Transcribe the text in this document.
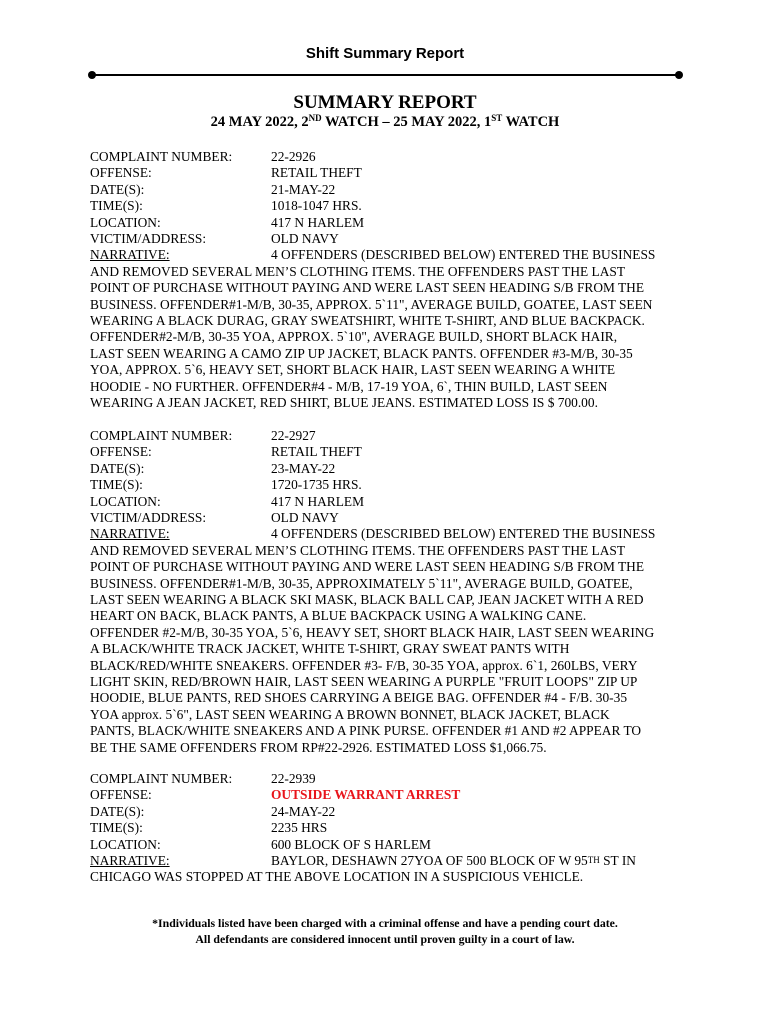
Shift Summary Report
SUMMARY REPORT
24 MAY 2022, 2ND WATCH – 25 MAY 2022, 1ST WATCH
COMPLAINT NUMBER:	22-2926
OFFENSE:	RETAIL THEFT
DATE(S):	21-MAY-22
TIME(S):	1018-1047 HRS.
LOCATION:	417 N HARLEM
VICTIM/ADDRESS:	OLD NAVY
NARRATIVE:	4 OFFENDERS (DESCRIBED BELOW) ENTERED THE BUSINESS
AND REMOVED SEVERAL MEN’S CLOTHING ITEMS. THE OFFENDERS PAST THE LAST
POINT OF PURCHASE WITHOUT PAYING AND WERE LAST SEEN HEADING S/B FROM THE
BUSINESS. OFFENDER#1-M/B, 30-35, APPROX. 5`11", AVERAGE BUILD, GOATEE, LAST SEEN
WEARING A BLACK DURAG, GRAY SWEATSHIRT, WHITE T-SHIRT, AND BLUE BACKPACK.
OFFENDER#2-M/B, 30-35 YOA, APPROX. 5`10", AVERAGE BUILD, SHORT BLACK HAIR,
LAST SEEN WEARING A CAMO ZIP UP JACKET, BLACK PANTS. OFFENDER #3-M/B, 30-35
YOA, APPROX. 5`6, HEAVY SET, SHORT BLACK HAIR, LAST SEEN WEARING A WHITE
HOODIE - NO FURTHER. OFFENDER#4 - M/B, 17-19 YOA, 6`, THIN BUILD, LAST SEEN
WEARING A JEAN JACKET, RED SHIRT, BLUE JEANS. ESTIMATED LOSS IS $ 700.00.
COMPLAINT NUMBER:	22-2927
OFFENSE:	RETAIL THEFT
DATE(S):	23-MAY-22
TIME(S):	1720-1735 HRS.
LOCATION:	417 N HARLEM
VICTIM/ADDRESS:	OLD NAVY
NARRATIVE:	4 OFFENDERS (DESCRIBED BELOW) ENTERED THE BUSINESS
AND REMOVED SEVERAL MEN’S CLOTHING ITEMS. THE OFFENDERS PAST THE LAST
POINT OF PURCHASE WITHOUT PAYING AND WERE LAST SEEN HEADING S/B FROM THE
BUSINESS. OFFENDER#1-M/B, 30-35, APPROXIMATELY 5`11", AVERAGE BUILD, GOATEE,
LAST SEEN WEARING A BLACK SKI MASK, BLACK BALL CAP, JEAN JACKET WITH A RED
HEART ON BACK, BLACK PANTS, A BLUE BACKPACK USING A WALKING CANE.
OFFENDER #2-M/B, 30-35 YOA, 5`6, HEAVY SET, SHORT BLACK HAIR, LAST SEEN WEARING
A BLACK/WHITE TRACK JACKET, WHITE T-SHIRT, GRAY SWEAT PANTS WITH
BLACK/RED/WHITE SNEAKERS. OFFENDER #3- F/B, 30-35 YOA, approx. 6`1, 260LBS, VERY
LIGHT SKIN, RED/BROWN HAIR, LAST SEEN WEARING A PURPLE "FRUIT LOOPS" ZIP UP
HOODIE, BLUE PANTS, RED SHOES CARRYING A BEIGE BAG. OFFENDER #4 - F/B. 30-35
YOA approx. 5`6", LAST SEEN WEARING A BROWN BONNET, BLACK JACKET, BLACK
PANTS, BLACK/WHITE SNEAKERS AND A PINK PURSE. OFFENDER #1 AND #2 APPEAR TO
BE THE SAME OFFENDERS FROM RP#22-2926. ESTIMATED LOSS $1,066.75.
COMPLAINT NUMBER:	22-2939
OFFENSE:	OUTSIDE WARRANT ARREST
DATE(S):	24-MAY-22
TIME(S):	2235 HRS
LOCATION:	600 BLOCK OF S HARLEM
NARRATIVE:	BAYLOR, DESHAWN 27YOA OF 500 BLOCK OF W 95TH ST IN
CHICAGO WAS STOPPED AT THE ABOVE LOCATION IN A SUSPICIOUS VEHICLE.
*Individuals listed have been charged with a criminal offense and have a pending court date.
All defendants are considered innocent until proven guilty in a court of law.
